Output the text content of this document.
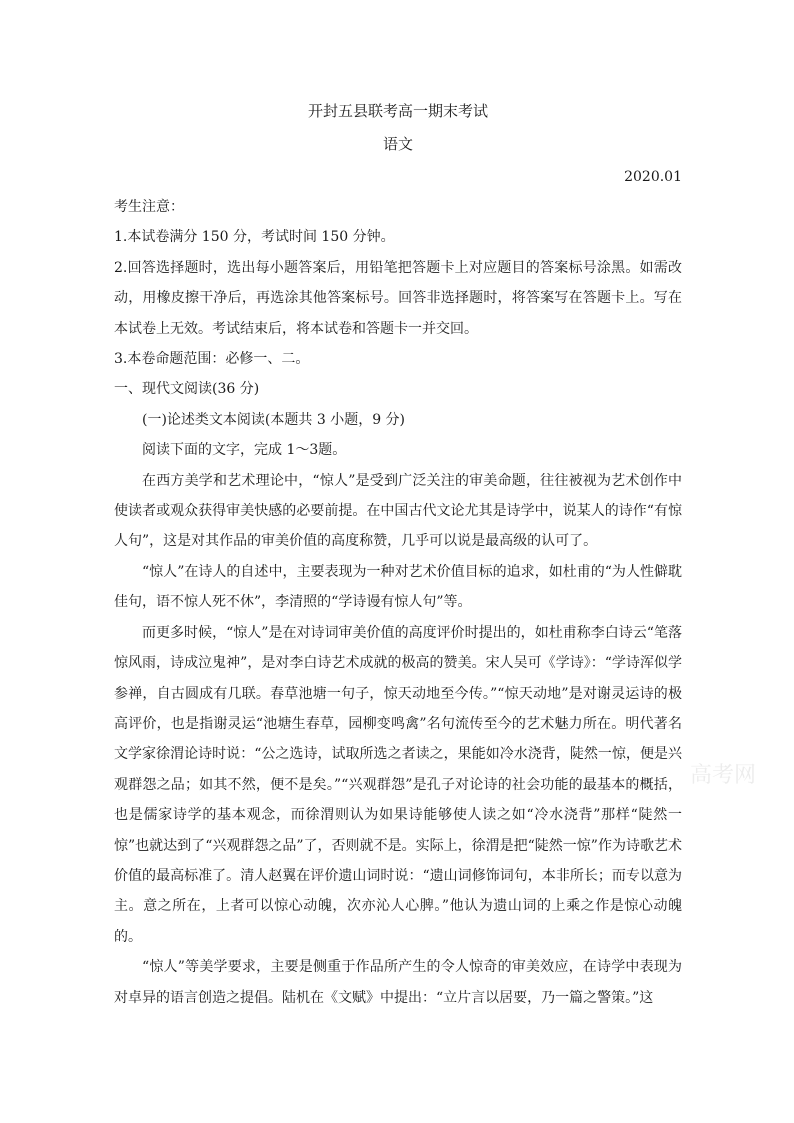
开封五县联考高一期末考试
语文
2020.01
考生注意：
1.本试卷满分 150 分，考试时间 150 分钟。
2.回答选择题时，选出每小题答案后，用铅笔把答题卡上对应题目的答案标号涂黑。如需改动，用橡皮擦干净后，再选涂其他答案标号。回答非选择题时，将答案写在答题卡上。写在本试卷上无效。考试结束后，将本试卷和答题卡一并交回。
3.本卷命题范围：必修一、二。
一、现代文阅读(36 分)
(一)论述类文本阅读(本题共 3 小题，9 分)
阅读下面的文字，完成 1～3题。

在西方美学和艺术理论中，“惊人”是受到广泛关注的审美命题，往往被视为艺术创作中使读者或观众获得审美快感的必要前提。在中国古代文论尤其是诗学中，说某人的诗作“有惊人句”，这是对其作品的审美价值的高度称赞，几乎可以说是最高级的认可了。

“惊人”在诗人的自述中，主要表现为一种对艺术价值目标的追求，如杜甫的“为人性僻耽佳句，语不惊人死不休”，李清照的“学诗谩有惊人句”等。

而更多时候，“惊人”是在对诗词审美价值的高度评价时提出的，如杜甫称李白诗云“笔落惊风雨，诗成泣鬼神”，是对李白诗艺术成就的极高的赞美。宋人吴可《学诗》：“学诗浑似学参禅，自古圆成有几联。春草池塘一句子，惊天动地至今传。”“惊天动地”是对谢灵运诗的极高评价，也是指谢灵运“池塘生春草，园柳变鸣禽”名句流传至今的艺术魅力所在。明代著名文学家徐渭论诗时说：“公之选诗，试取所选之者读之，果能如冷水浇背，陡然一惊，便是兴观群怨之品；如其不然，便不是矣。”“兴观群怨”是孔子对论诗的社会功能的最基本的概括，也是儒家诗学的基本观念，而徐渭则认为如果诗能够使人读之如“冷水浇背”那样“陡然一惊”也就达到了“兴观群怨之品”了，否则就不是。实际上，徐渭是把“陡然一惊”作为诗歌艺术价值的最高标准了。清人赵翼在评价遗山词时说：“遗山词修饰词句，本非所长；而专以意为主。意之所在，上者可以惊心动魄，次亦沁人心脾。”他认为遗山词的上乘之作是惊心动魄的。

“惊人”等美学要求，主要是侧重于作品所产生的令人惊奇的审美效应，在诗学中表现为对卓异的语言创造之提倡。陆机在《文赋》中提出：“立片言以居要，乃一篇之警策。”这

高考网
